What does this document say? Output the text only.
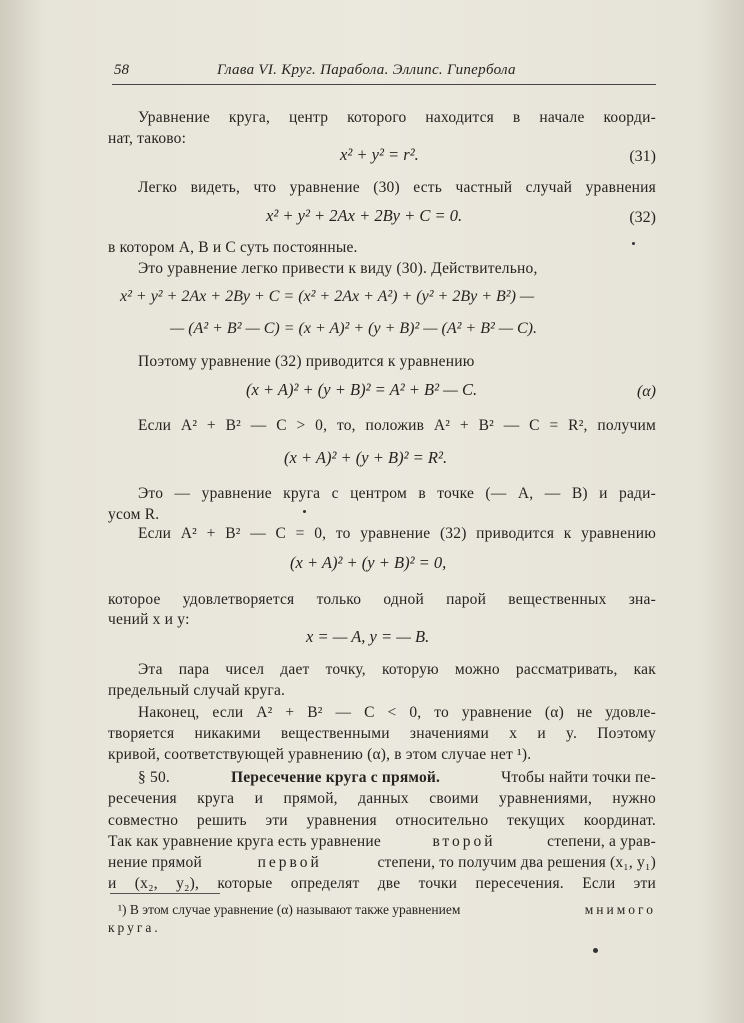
58	Глава VI. Круг. Парабола. Эллипс. Гипербола
Уравнение круга, центр которого находится в начале коорди-
нат, таково:
x² + y² = r².	(31)
Легко видеть, что уравнение (30) есть частный случай уравнения
x² + y² + 2Ax + 2By + C = 0.	(32)
в котором A, B и C суть постоянные.
Это уравнение легко привести к виду (30). Действительно,
x² + y² + 2Ax + 2By + C = (x² + 2Ax + A²) + (y² + 2By + B²) —
— (A² + B² — C) = (x + A)² + (y + B)² — (A² + B² — C).
Поэтому уравнение (32) приводится к уравнению
(x + A)² + (y + B)² = A² + B² — C.	(α)
Если A² + B² — C > 0, то, положив A² + B² — C = R², получим
(x + A)² + (y + B)² = R².
Это — уравнение круга с центром в точке (— A, — B) и ради-
усом R.
Если A² + B² — C = 0, то уравнение (32) приводится к уравнению
(x + A)² + (y + B)² = 0,
которое удовлетворяется только одной парой вещественных зна-
чений x и y:
x = — A, y = — B.
Эта пара чисел дает точку, которую можно рассматривать, как
предельный случай круга.
Наконец, если A² + B² — C < 0, то уравнение (α) не удовле-
творяется никакими вещественными значениями x и y. Поэтому
кривой, соответствующей уравнению (α), в этом случае нет ¹).
§ 50.	Пересечение круга с прямой.	Чтобы найти точки пе-
ресечения круга и прямой, данных своими уравнениями, нужно
совместно решить эти уравнения относительно текущих координат.
Так как уравнение круга есть уравнение	второй	степени, а урав-
нение прямой	первой	степени, то получим два решения (x₁, y₁)
и (x₂, y₂), которые определят две точки пересечения. Если эти
¹) В этом случае уравнение (α) называют также уравнением	мнимого
круга.
